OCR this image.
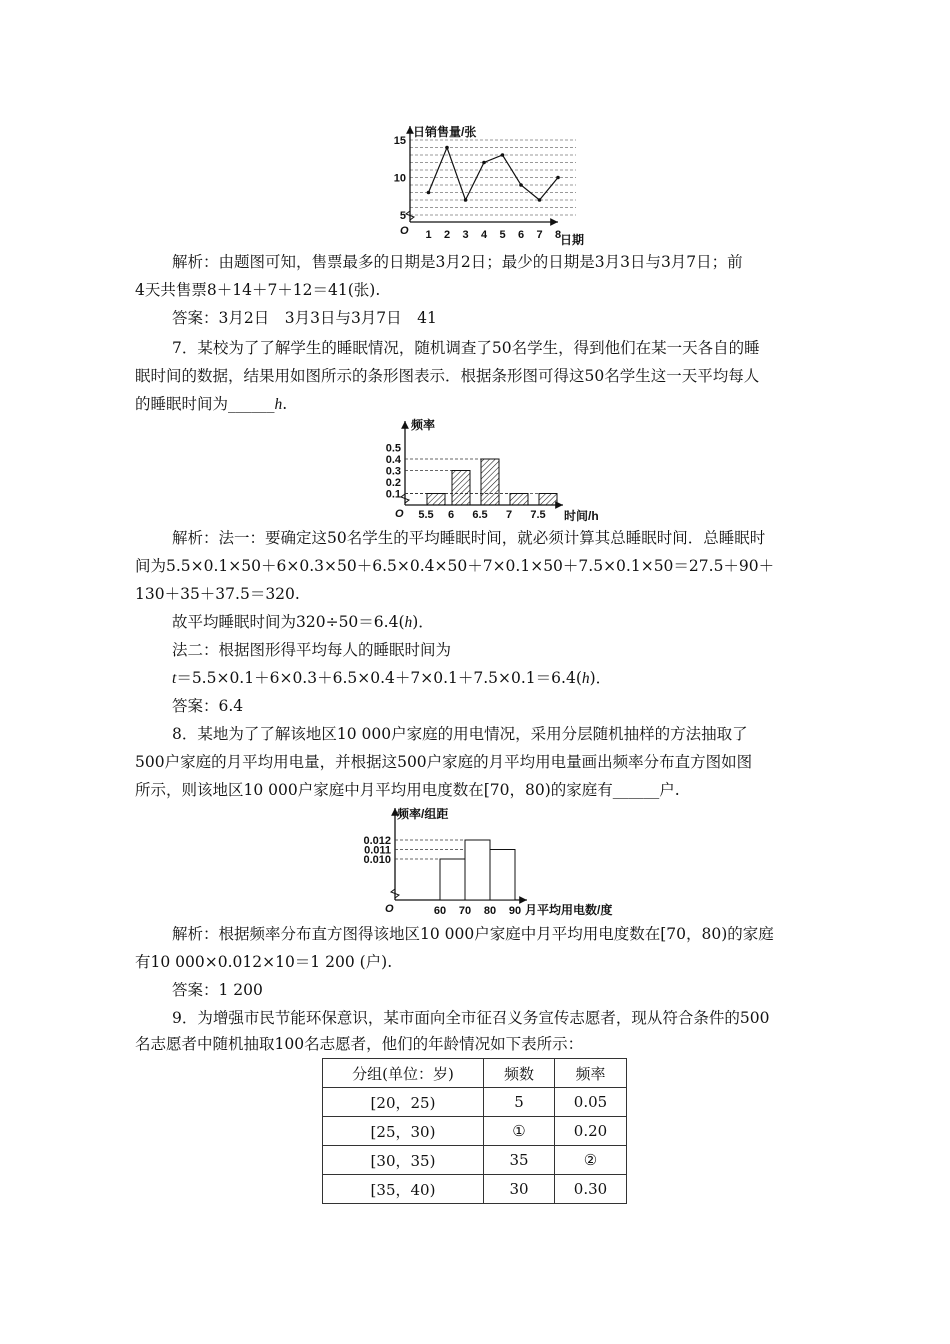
日销售量/张
日期
O
5
10
15
1 2 3 4 5 6 7 8
解析：由题图可知，售票最多的日期是3月2日；最少的日期是3月3日与3月7日；前
4天共售票8＋14＋7＋12＝41(张).
答案：3月2日　3月3日与3月7日　41
7．某校为了了解学生的睡眠情况，随机调查了50名学生，得到他们在某一天各自的睡
眠时间的数据，结果用如图所示的条形图表示．根据条形图可得这50名学生这一天平均每人
的睡眠时间为______h.
频率
时间/h
O
0.5
0.4
0.3
0.2
0.1
5.5 6 6.5 7 7.5
解析：法一：要确定这50名学生的平均睡眠时间，就必须计算其总睡眠时间．总睡眠时
间为5.5×0.1×50＋6×0.3×50＋6.5×0.4×50＋7×0.1×50＋7.5×0.1×50＝27.5＋90＋
130＋35＋37.5＝320.
故平均睡眠时间为320÷50＝6.4(h)．
法二：根据图形得平均每人的睡眠时间为
t＝5.5×0.1＋6×0.3＋6.5×0.4＋7×0.1＋7.5×0.1＝6.4(h)．
答案：6.4
8．某地为了了解该地区10 000户家庭的用电情况，采用分层随机抽样的方法抽取了
500户家庭的月平均用电量，并根据这500户家庭的月平均用电量画出频率分布直方图如图
所示，则该地区10 000户家庭中月平均用电度数在[70，80)的家庭有______户.
频率/组距
月平均用电数/度
O
0.012
0.011
0.010
60 70 80 90
解析：根据频率分布直方图得该地区10 000户家庭中月平均用电度数在[70，80)的家庭
有10 000×0.012×10＝1 200 (户).
答案：1 200
9．为增强市民节能环保意识，某市面向全市征召义务宣传志愿者，现从符合条件的500
名志愿者中随机抽取100名志愿者，他们的年龄情况如下表所示：
分组(单位：岁)	频数	频率
[20，25)	5	0.05
[25，30)	①	0.20
[30，35)	35	②
[35，40)	30	0.30
